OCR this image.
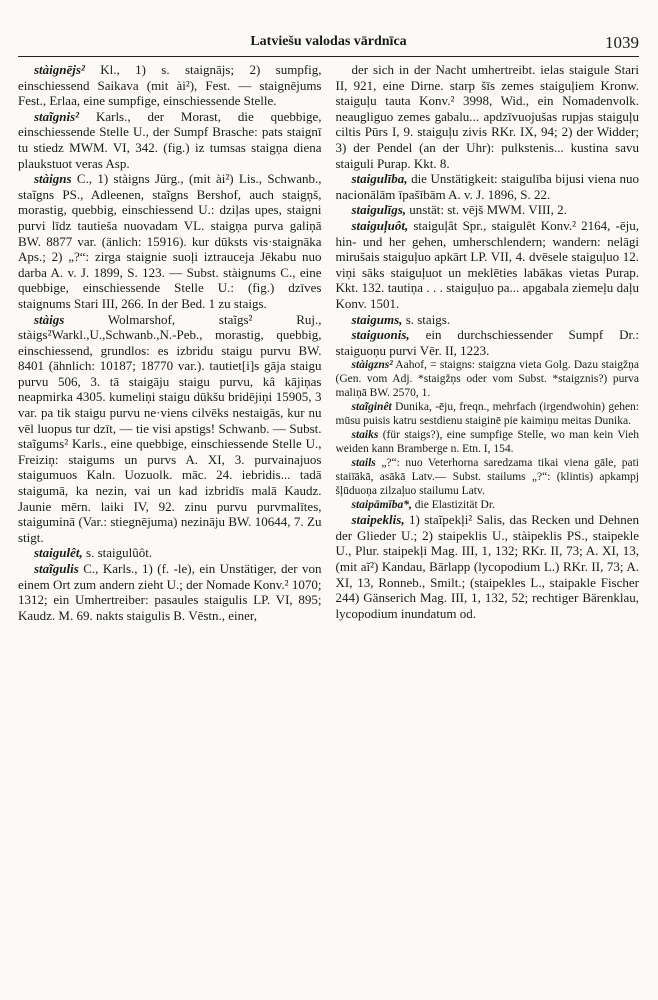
Latviešu valodas vārdnīca	1039

stàignējs² Kl., 1) s. staignājs; 2) sumpfig, einschiessend Saikava (mit ài²), Fest. — staignējums Fest., Erlaa, eine sumpfige, einschiessende Stelle.

staĩgnis² Karls., der Morast, die quebbige, einschiessende Stelle U., der Sumpf Brasche: pats staignī tu stiedz MWM. VI, 342. (fig.) iz tumsas staigņa diena plaukstuot veras Asp.

stàigns C., 1) stàigns Jürg., (mit ài²) Lis., Schwanb., staĩgns PS., Adleenen, staĩgns Bershof, auch staigņš, morastig, quebbig, einschiessend U.: dziļas upes, staigni purvi līdz tautieša nuovadam VL. staigņa purva galiņā BW. 8877 var. (änlich: 15916). kur dūksts vis·staignāka Aps.; 2) „?“: zirga staignie suoļi iztrauceja Jēkabu nuo darba A. v. J. 1899, S. 123. — Subst. stàignums C., eine quebbige, einschiessende Stelle U.: (fig.) dzīves staignums Stari III, 266. In der Bed. 1 zu staigs.

stàigs	Wolmarshof, staĩgs² Ruj., stàigs²Warkl.,U.,Schwanb.,N.-Peb., morastig, quebbig, einschiessend, grundlos: es izbridu staigu purvu BW. 8401 (ähnlich: 10187; 18770 var.). tautiet[i]s gāja staigu purvu 506, 3. tā staigāju staigu purvu, kâ kājiņas neapmirka 4305. kumeliņi staigu dūkšu bridējiņi 15905, 3 var. pa tik staigu purvu ne·viens cilvēks nestaigās, kur nu vēl luopus tur dzīt, — tie visi apstigs! Schwanb. — Subst. staĩgums² Karls., eine quebbige, einschiessende Stelle U., Freiziņ: staigums un purvs A. XI, 3. purvainajuos staigumuos Kaln. Uozuolk. māc. 24. iebridis... tadā staigumā, ka nezin, vai un kad izbridīs malā Kaudz. Jaunie mērn. laiki IV, 92. zinu purvu purvmalītes, staiguminā (Var.: stiegnējuma) nezināju BW. 10644, 7. Zu stigt.

staigulêt, s. staigulûôt.

staĩgulis C., Karls., 1) (f. -le), ein Unstätiger, der von einem Ort zum andern zieht U.; der Nomade Konv.² 1070; 1312; ein Umhertreiber: pasaules staigulis LP. VI, 895; Kaudz. M. 69. nakts staigulis B. Vēstn., einer,

der sich in der Nacht umhertreibt. ielas staigule Stari II, 921, eine Dirne. starp šīs zemes staiguļiem Kronw. staiguļu tauta Konv.² 3998, Wid., ein Nomadenvolk. neaugliguo zemes gabalu... apdzīvuojušas rupjas staiguļu ciltis Pūrs I, 9. staiguļu zivis RKr. IX, 94; 2) der Widder; 3) der Pendel (an der Uhr): pulkstenis... kustina savu staiguli Purap. Kkt. 8.

staigulība, die Unstätigkeit: staigulība bijusi viena nuo nacionālām īpašībām A. v. J. 1896, S. 22.

staigulīgs, unstät: st. vējš MWM. VIII, 2.

staiguļuôt, staiguļât Spr., staigulêt Konv.² 2164, -ēju, hin- und her gehen, umherschlendern; wandern: nelāgi mirušais staiguļuo apkārt LP. VII, 4. dvēsele staiguļuo 12. viņi sāks staiguļuot un meklēties labākas vietas Purap. Kkt. 132. tautiņa . . . staiguļuo pa... apgabala ziemeļu daļu Konv. 1501.

staigums, s. staigs.

staiguonis, ein durchschiessender Sumpf Dr.: staiguoņu purvi Vēr. II, 1223.

stàigzns² Aahof, = staigns: staigzna vieta Golg. Dazu staigžņa (Gen. vom Adj. *staigžņs oder vom Subst. *staigznis?) purva maliņā BW. 2570, 1.

staĩginêt Dunika, -ēju, freqn., mehrfach (irgendwohin) gehen: mūsu puisis katru sestdienu staiginē pie kaimiņu meitas Dunika.

staiks (für staigs?), eine sumpfige Stelle, wo man kein Vieh weiden kann Bramberge n. Etn. I, 154.

stails „?“: nuo Veterhorna saredzama tikai viena gāle, pati staiīākā, asākā Latv.— Subst. stailums „?“: (klintis) apkampj šļūduoņa zilzaļuo stailumu Latv.

staipāmība*, die Elastizität Dr.

staipeklis, 1) staĩpekļi² Salis, das Recken und Dehnen der Glieder U.; 2) staipeklis U., stàipeklis PS., staipekle U., Plur. staipekļi Mag. III, 1, 132; RKr. II, 73; A. XI, 13, (mit aĩ²) Kandau, Bārlapp (lycopodium L.) RKr. II, 73; A. XI, 13, Ronneb., Smilt.; (staipekles L., staipakle Fischer 244) Gänserich Mag. III, 1, 132, 52; rechtiger Bärenklau, lycopodium inundatum od.
